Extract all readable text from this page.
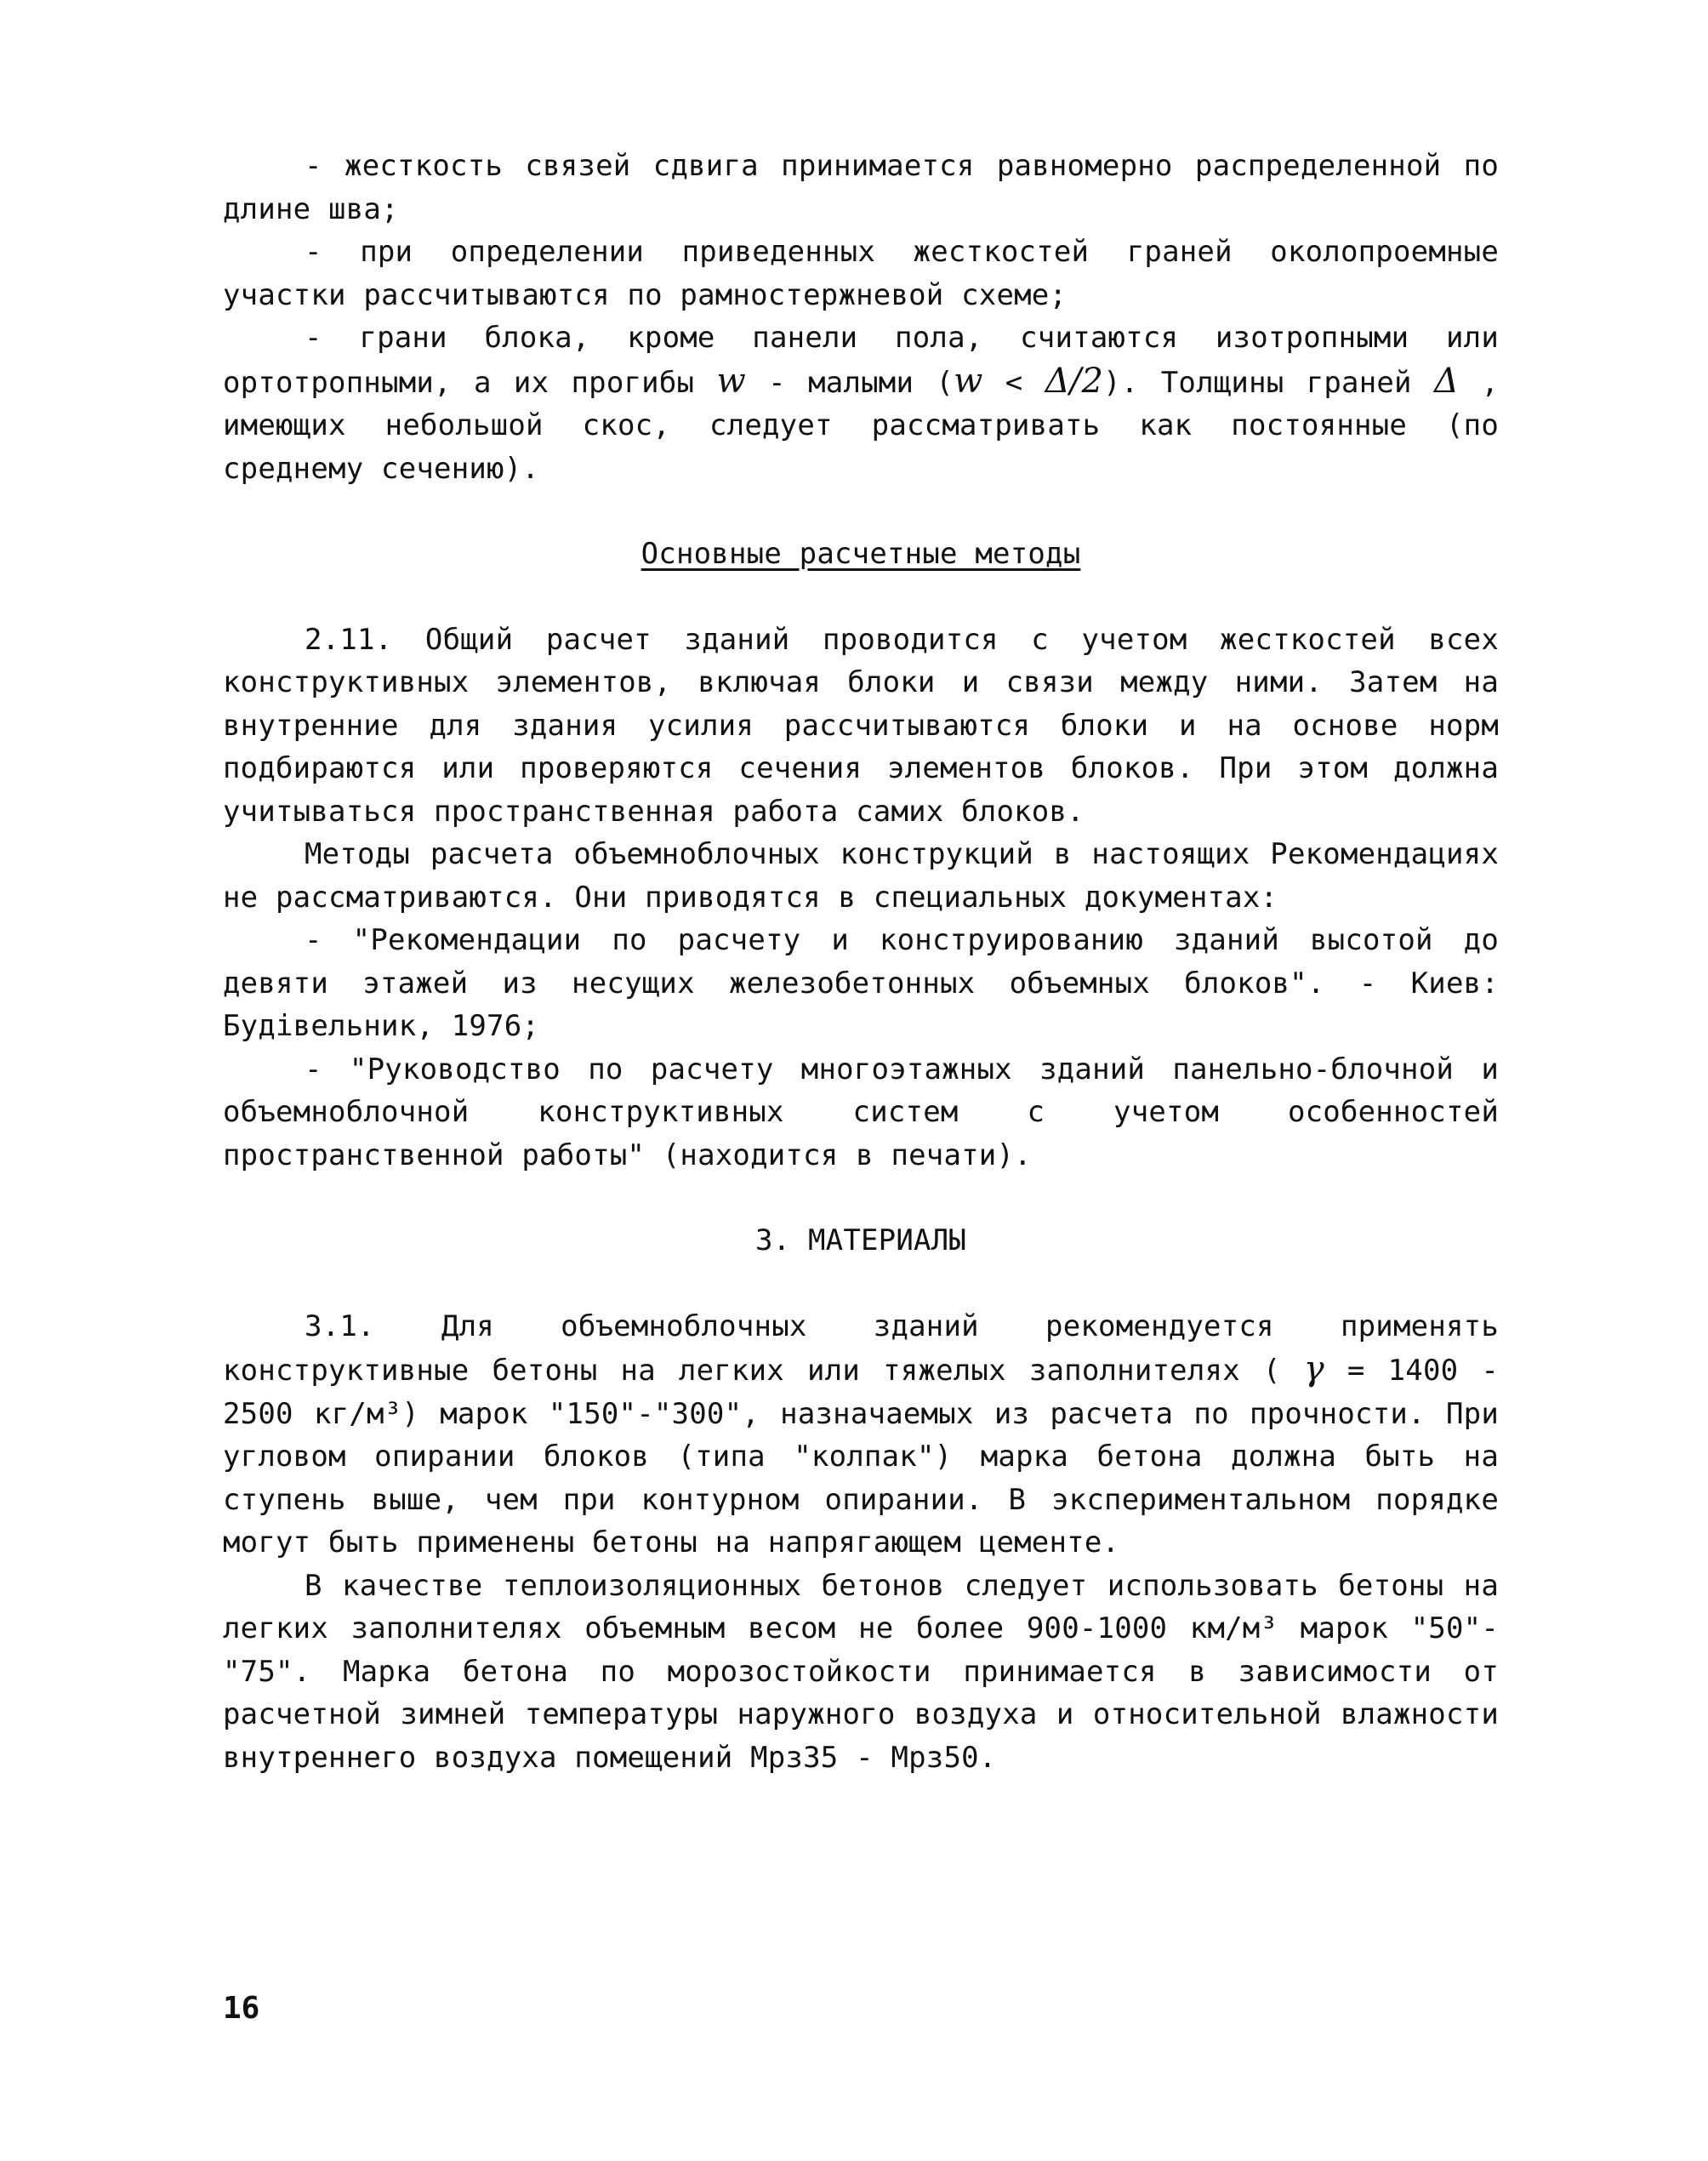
- жесткость связей сдвига принимается равномерно распределенной по длине шва;

- при определении приведенных жесткостей граней околопроемные участки рассчитываются по рамностержневой схеме;

- грани блока, кроме панели пола, считаются изотропными или ортотропными, а их прогибы w - малыми (w < Δ/2). Толщины граней Δ , имеющих небольшой скос, следует рассматривать как постоянные (по среднему сечению).

Основные расчетные методы

2.11. Общий расчет зданий проводится с учетом жесткостей всех конструктивных элементов, включая блоки и связи между ними. Затем на внутренние для здания усилия рассчитываются блоки и на основе норм подбираются или проверяются сечения элементов блоков. При этом должна учитываться пространственная работа самих блоков.

Методы расчета объемноблочных конструкций в настоящих Рекомендациях не рассматриваются. Они приводятся в специальных документах:

- "Рекомендации по расчету и конструированию зданий высотой до девяти этажей из несущих железобетонных объемных блоков". - Киев: Будiвельник, 1976;

- "Руководство по расчету многоэтажных зданий панельно-блочной и объемноблочной конструктивных систем с учетом особенностей пространственной работы" (находится в печати).

3. МАТЕРИАЛЫ

3.1. Для объемноблочных зданий рекомендуется применять конструктивные бетоны на легких или тяжелых заполнителях ( γ = 1400 - 2500 кг/м³) марок "150"-"300", назначаемых из расчета по прочности. При угловом опирании блоков (типа "колпак") марка бетона должна быть на ступень выше, чем при контурном опирании. В экспериментальном порядке могут быть применены бетоны на напрягающем цементе.

В качестве теплоизоляционных бетонов следует использовать бетоны на легких заполнителях объемным весом не более 900-1000 км/м³ марок "50"-"75". Марка бетона по морозостойкости принимается в зависимости от расчетной зимней температуры наружного воздуха и относительной влажности внутреннего воздуха помещений Мрз35 - Мрз50.

16
